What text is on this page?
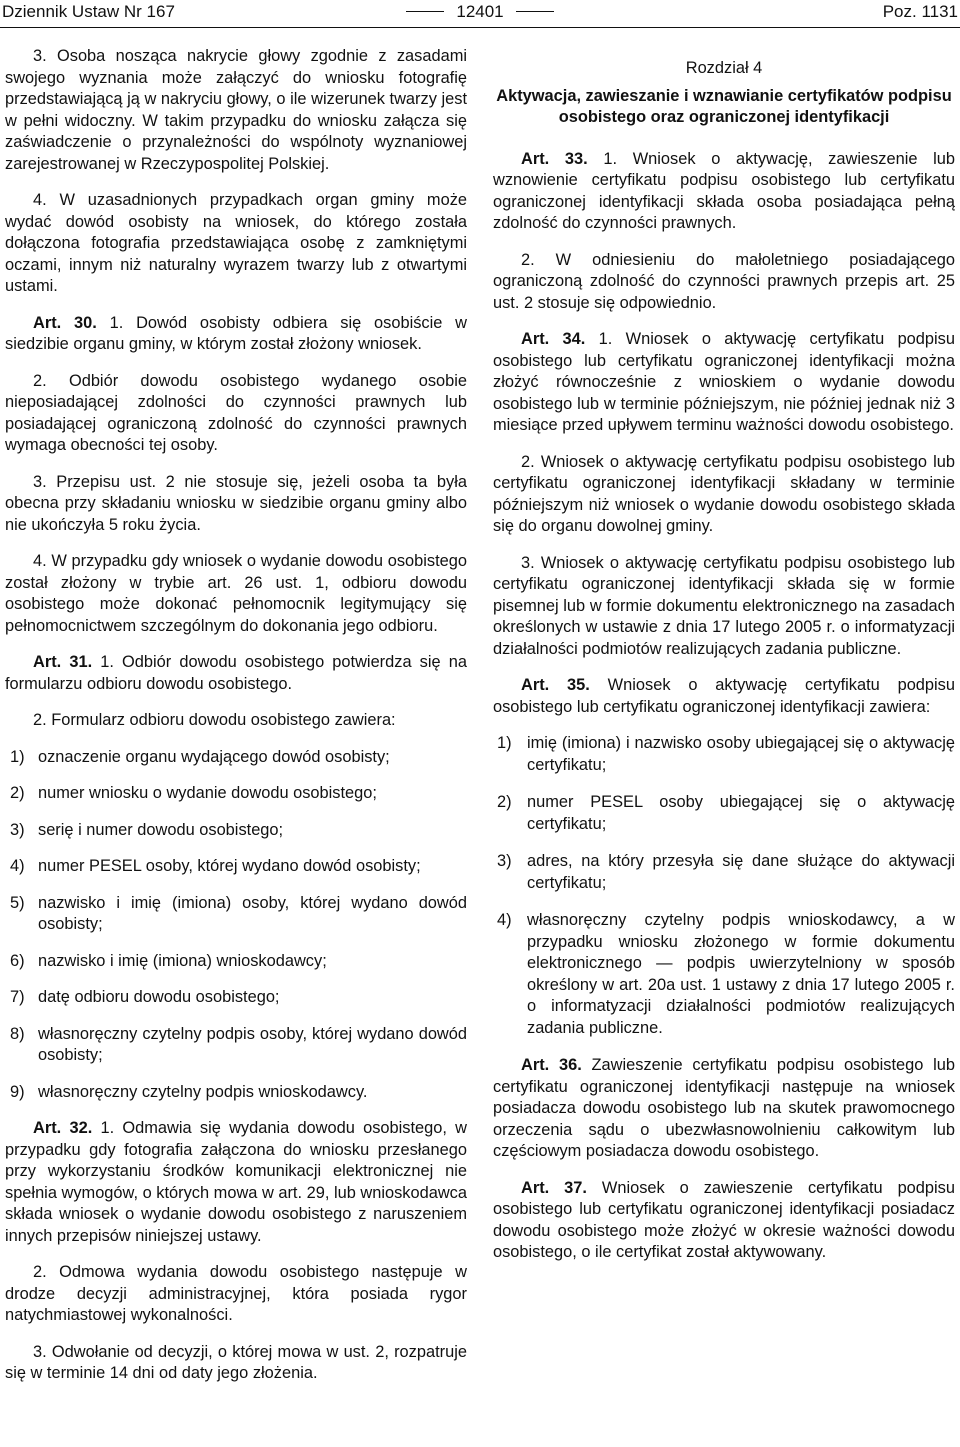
Dziennik Ustaw Nr 167	12401	Poz. 1131

3. Osoba nosząca nakrycie głowy zgodnie z zasadami swojego wyznania może załączyć do wniosku fotografię przedstawiającą ją w nakryciu głowy, o ile wizerunek twarzy jest w pełni widoczny. W takim przypadku do wniosku załącza się zaświadczenie o przynależności do wspólnoty wyznaniowej zarejestrowanej w Rzeczypospolitej Polskiej.

4. W uzasadnionych przypadkach organ gminy może wydać dowód osobisty na wniosek, do którego została dołączona fotografia przedstawiająca osobę z zamkniętymi oczami, innym niż naturalny wyrazem twarzy lub z otwartymi ustami.

Art. 30. 1. Dowód osobisty odbiera się osobiście w siedzibie organu gminy, w którym został złożony wniosek.

2. Odbiór dowodu osobistego wydanego osobie nieposiadającej zdolności do czynności prawnych lub posiadającej ograniczoną zdolność do czynności prawnych wymaga obecności tej osoby.

3. Przepisu ust. 2 nie stosuje się, jeżeli osoba ta była obecna przy składaniu wniosku w siedzibie organu gminy albo nie ukończyła 5 roku życia.

4. W przypadku gdy wniosek o wydanie dowodu osobistego został złożony w trybie art. 26 ust. 1, odbioru dowodu osobistego może dokonać pełnomocnik legitymujący się pełnomocnictwem szczególnym do dokonania jego odbioru.

Art. 31. 1. Odbiór dowodu osobistego potwierdza się na formularzu odbioru dowodu osobistego.

2. Formularz odbioru dowodu osobistego zawiera:

1) oznaczenie organu wydającego dowód osobisty;
2) numer wniosku o wydanie dowodu osobistego;
3) serię i numer dowodu osobistego;
4) numer PESEL osoby, której wydano dowód osobisty;
5) nazwisko i imię (imiona) osoby, której wydano dowód osobisty;
6) nazwisko i imię (imiona) wnioskodawcy;
7) datę odbioru dowodu osobistego;
8) własnoręczny czytelny podpis osoby, której wydano dowód osobisty;
9) własnoręczny czytelny podpis wnioskodawcy.

Art. 32. 1. Odmawia się wydania dowodu osobistego, w przypadku gdy fotografia załączona do wniosku przesłanego przy wykorzystaniu środków komunikacji elektronicznej nie spełnia wymogów, o których mowa w art. 29, lub wnioskodawca składa wniosek o wydanie dowodu osobistego z naruszeniem innych przepisów niniejszej ustawy.

2. Odmowa wydania dowodu osobistego następuje w drodze decyzji administracyjnej, która posiada rygor natychmiastowej wykonalności.

3. Odwołanie od decyzji, o której mowa w ust. 2, rozpatruje się w terminie 14 dni od daty jego złożenia.

Rozdział 4
Aktywacja, zawieszanie i wznawianie certyfikatów podpisu osobistego oraz ograniczonej identyfikacji

Art. 33. 1. Wniosek o aktywację, zawieszenie lub wznowienie certyfikatu podpisu osobistego lub certyfikatu ograniczonej identyfikacji składa osoba posiadająca pełną zdolność do czynności prawnych.

2. W odniesieniu do małoletniego posiadającego ograniczoną zdolność do czynności prawnych przepis art. 25 ust. 2 stosuje się odpowiednio.

Art. 34. 1. Wniosek o aktywację certyfikatu podpisu osobistego lub certyfikatu ograniczonej identyfikacji można złożyć równocześnie z wnioskiem o wydanie dowodu osobistego lub w terminie późniejszym, nie później jednak niż 3 miesiące przed upływem terminu ważności dowodu osobistego.

2. Wniosek o aktywację certyfikatu podpisu osobistego lub certyfikatu ograniczonej identyfikacji składany w terminie późniejszym niż wniosek o wydanie dowodu osobistego składa się do organu dowolnej gminy.

3. Wniosek o aktywację certyfikatu podpisu osobistego lub certyfikatu ograniczonej identyfikacji składa się w formie pisemnej lub w formie dokumentu elektronicznego na zasadach określonych w ustawie z dnia 17 lutego 2005 r. o informatyzacji działalności podmiotów realizujących zadania publiczne.

Art. 35. Wniosek o aktywację certyfikatu podpisu osobistego lub certyfikatu ograniczonej identyfikacji zawiera:

1) imię (imiona) i nazwisko osoby ubiegającej się o aktywację certyfikatu;
2) numer PESEL osoby ubiegającej się o aktywację certyfikatu;
3) adres, na który przesyła się dane służące do aktywacji certyfikatu;
4) własnoręczny czytelny podpis wnioskodawcy, a w przypadku wniosku złożonego w formie dokumentu elektronicznego — podpis uwierzytelniony w sposób określony w art. 20a ust. 1 ustawy z dnia 17 lutego 2005 r. o informatyzacji działalności podmiotów realizujących zadania publiczne.

Art. 36. Zawieszenie certyfikatu podpisu osobistego lub certyfikatu ograniczonej identyfikacji następuje na wniosek posiadacza dowodu osobistego lub na skutek prawomocnego orzeczenia sądu o ubezwłasnowolnieniu całkowitym lub częściowym posiadacza dowodu osobistego.

Art. 37. Wniosek o zawieszenie certyfikatu podpisu osobistego lub certyfikatu ograniczonej identyfikacji posiadacz dowodu osobistego może złożyć w okresie ważności dowodu osobistego, o ile certyfikat został aktywowany.
